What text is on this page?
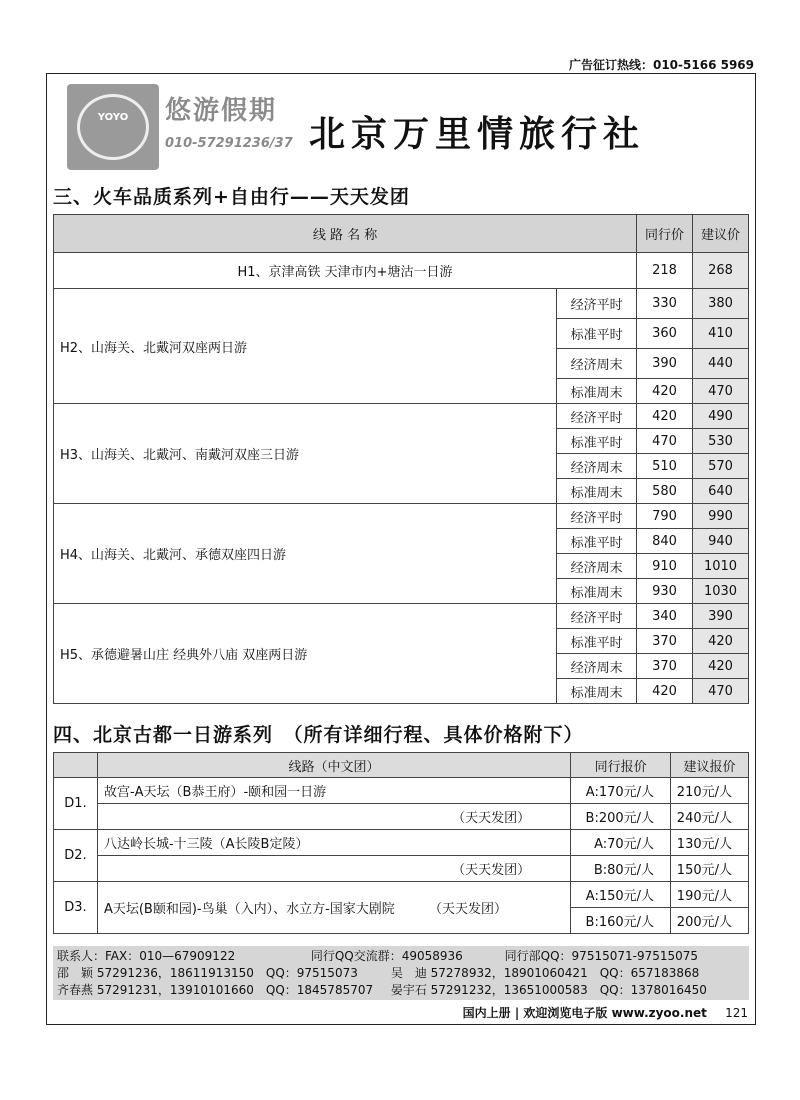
广告征订热线：010-5166 5969
YOYO	悠游假期
010-57291236/37 北京万里情旅行社
三、火车品质系列+自由行——天天发团
线 路 名 称		同行价	建议价
H1、京津高铁 天津市内+塘沽一日游		218	268
H2、山海关、北戴河双座两日游	经济平时	330	380
	标准平时	360	410
	经济周末	390	440
	标准周末	420	470
H3、山海关、北戴河、南戴河双座三日游	经济平时	420	490
	标准平时	470	530
	经济周末	510	570
	标准周末	580	640
H4、山海关、北戴河、承德双座四日游	经济平时	790	990
	标准平时	840	940
	经济周末	910	1010
	标准周末	930	1030
H5、承德避暑山庄 经典外八庙 双座两日游	经济平时	340	390
	标准平时	370	420
	经济周末	370	420
	标准周末	420	470
四、北京古都一日游系列　（所有详细行程、具体价格附下）
	线路（中文团）	同行报价	建议报价
D1.	故宫-A天坛（B恭王府）-颐和园一日游	A:170元/人	210元/人
	（天天发团）	B:200元/人	240元/人
D2.	八达岭长城-十三陵（A长陵B定陵）	A:70元/人	130元/人
	（天天发团）	B:80元/人	150元/人
D3.	A天坛(B颐和园)-鸟巢（入内）、水立方-国家大剧院 （天天发团）	A:150元/人	190元/人
		B:160元/人	200元/人
联系人：FAX：010—67909122	同行QQ交流群：49058936	同行部QQ：97515071-97515075
邵　颖 57291236，18611913150　QQ：97515073	吴　迪 57278932，18901060421　QQ：657183868
齐春燕 57291231，13910101660　QQ：1845785707 晏宇石 57291232，13651000583　QQ：1378016450
国内上册 | 欢迎浏览电子版 www.zyoo.net 121
